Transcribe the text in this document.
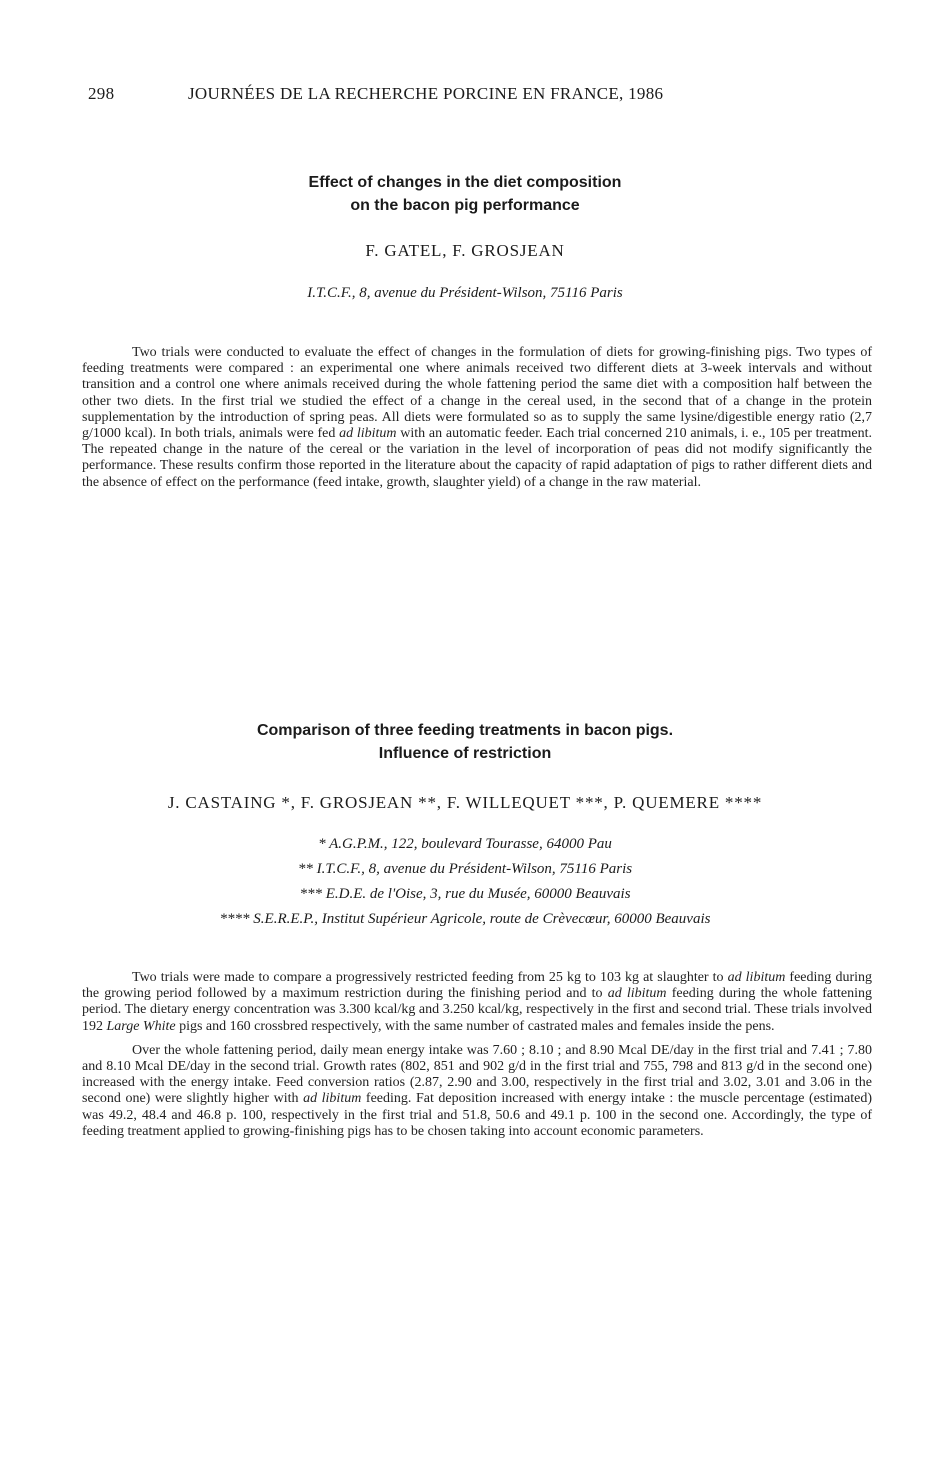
298	JOURNÉES DE LA RECHERCHE PORCINE EN FRANCE, 1986
Effect of changes in the diet composition
on the bacon pig performance
F. GATEL, F. GROSJEAN
I.T.C.F., 8, avenue du Président-Wilson, 75116 Paris

Two trials were conducted to evaluate the effect of changes in the formulation of diets for growing-finishing pigs. Two types of feeding treatments were compared : an experimental one where animals received two different diets at 3-week intervals and without transition and a control one where animals received during the whole fattening period the same diet with a composition half between the other two diets. In the first trial we studied the effect of a change in the cereal used, in the second that of a change in the protein supplementation by the introduction of spring peas. All diets were formulated so as to supply the same lysine/digestible energy ratio (2,7 g/1000 kcal). In both trials, animals were fed ad libitum with an automatic feeder. Each trial concerned 210 animals, i. e., 105 per treatment. The repeated change in the nature of the cereal or the variation in the level of incorporation of peas did not modify significantly the performance. These results confirm those reported in the literature about the capacity of rapid adaptation of pigs to rather different diets and the absence of effect on the performance (feed intake, growth, slaughter yield) of a change in the raw material.

Comparison of three feeding treatments in bacon pigs.
Influence of restriction
J. CASTAING *, F. GROSJEAN **, F. WILLEQUET ***, P. QUEMERE ****
* A.G.P.M., 122, boulevard Tourasse, 64000 Pau
** I.T.C.F., 8, avenue du Président-Wilson, 75116 Paris
*** E.D.E. de l'Oise, 3, rue du Musée, 60000 Beauvais
**** S.E.R.E.P., Institut Supérieur Agricole, route de Crèvecœur, 60000 Beauvais

Two trials were made to compare a progressively restricted feeding from 25 kg to 103 kg at slaughter to ad libitum feeding during the growing period followed by a maximum restriction during the finishing period and to ad libitum feeding during the whole fattening period. The dietary energy concentration was 3.300 kcal/kg and 3.250 kcal/kg, respectively in the first and second trial. These trials involved 192 Large White pigs and 160 crossbred respectively, with the same number of castrated males and females inside the pens.

Over the whole fattening period, daily mean energy intake was 7.60 ; 8.10 ; and 8.90 Mcal DE/day in the first trial and 7.41 ; 7.80 and 8.10 Mcal DE/day in the second trial. Growth rates (802, 851 and 902 g/d in the first trial and 755, 798 and 813 g/d in the second one) increased with the energy intake. Feed conversion ratios (2.87, 2.90 and 3.00, respectively in the first trial and 3.02, 3.01 and 3.06 in the second one) were slightly higher with ad libitum feeding. Fat deposition increased with energy intake : the muscle percentage (estimated) was 49.2, 48.4 and 46.8 p. 100, respectively in the first trial and 51.8, 50.6 and 49.1 p. 100 in the second one. Accordingly, the type of feeding treatment applied to growing-finishing pigs has to be chosen taking into account economic parameters.
